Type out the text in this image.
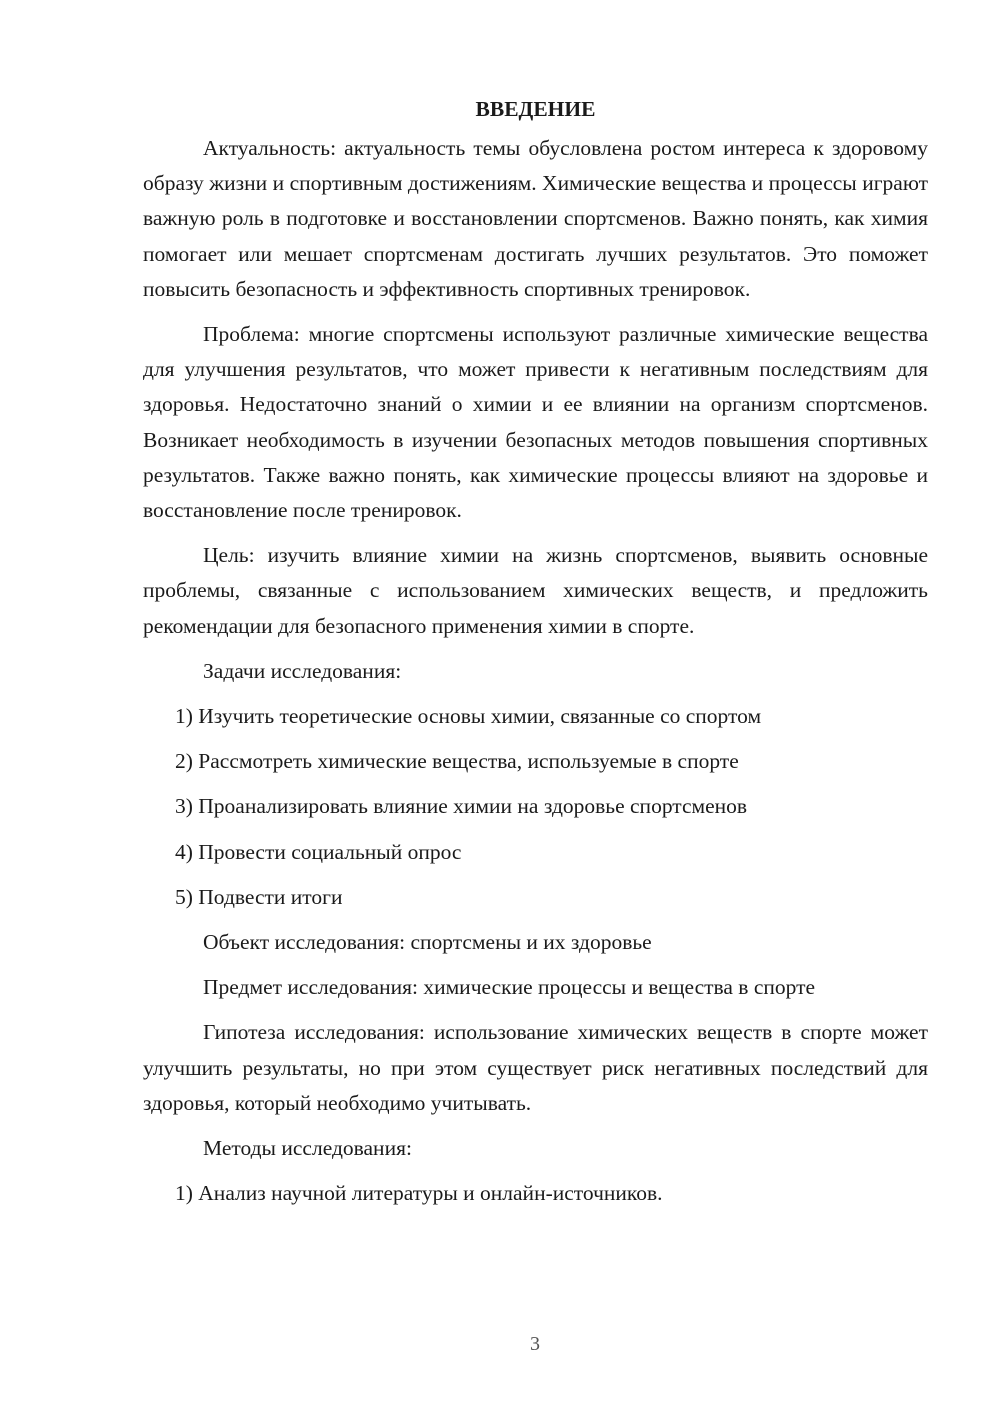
ВВЕДЕНИЕ

Актуальность: актуальность темы обусловлена ростом интереса к здоровому образу жизни и спортивным достижениям. Химические вещества и процессы играют важную роль в подготовке и восстановлении спортсменов. Важно понять, как химия помогает или мешает спортсменам достигать лучших результатов. Это поможет повысить безопасность и эффективность спортивных тренировок.

Проблема: многие спортсмены используют различные химические вещества для улучшения результатов, что может привести к негативным последствиям для здоровья. Недостаточно знаний о химии и ее влиянии на организм спортсменов. Возникает необходимость в изучении безопасных методов повышения спортивных результатов. Также важно понять, как химические процессы влияют на здоровье и восстановление после тренировок.

Цель: изучить влияние химии на жизнь спортсменов, выявить основные проблемы, связанные с использованием химических веществ, и предложить рекомендации для безопасного применения химии в спорте.

Задачи исследования:

1) Изучить теоретические основы химии, связанные со спортом

2) Рассмотреть химические вещества, используемые в спорте

3) Проанализировать влияние химии на здоровье спортсменов

4) Провести социальный опрос

5) Подвести итоги

Объект исследования: спортсмены и их здоровье

Предмет исследования: химические процессы и вещества в спорте

Гипотеза исследования: использование химических веществ в спорте может улучшить результаты, но при этом существует риск негативных последствий для здоровья, который необходимо учитывать.

Методы исследования:

1) Анализ научной литературы и онлайн-источников.

3
